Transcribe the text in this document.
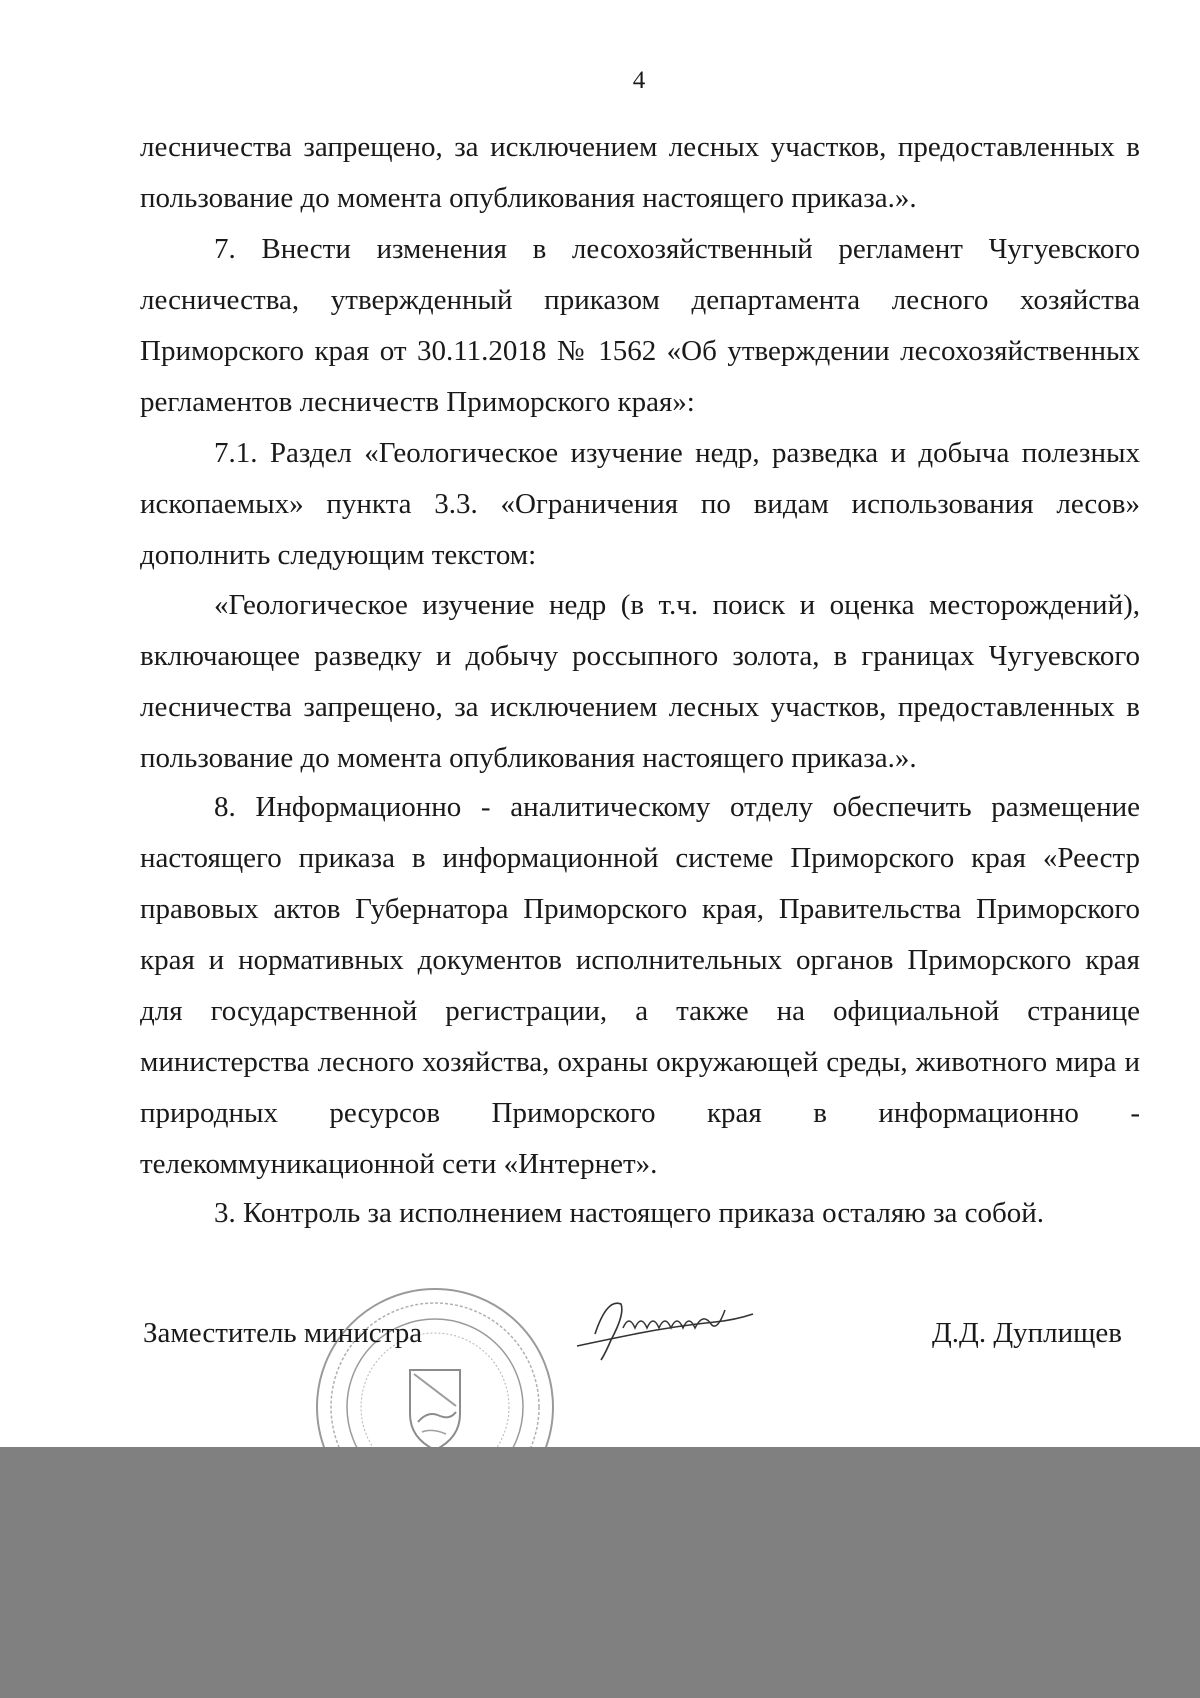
4

лесничества запрещено, за исключением лесных участков, предоставленных в пользование до момента опубликования настоящего приказа.».

7. Внести изменения в лесохозяйственный регламент Чугуевского лесничества, утвержденный приказом департамента лесного хозяйства Приморского края от 30.11.2018 № 1562 «Об утверждении лесохозяйственных регламентов лесничеств Приморского края»:

7.1. Раздел «Геологическое изучение недр, разведка и добыча полезных ископаемых» пункта 3.3. «Ограничения по видам использования лесов» дополнить следующим текстом:

«Геологическое изучение недр (в т.ч. поиск и оценка месторождений), включающее разведку и добычу россыпного золота, в границах Чугуевского лесничества запрещено, за исключением лесных участков, предоставленных в пользование до момента опубликования настоящего приказа.».

8. Информационно - аналитическому отделу обеспечить размещение настоящего приказа в информационной системе Приморского края «Реестр правовых актов Губернатора Приморского края, Правительства Приморского края и нормативных документов исполнительных органов Приморского края для государственной регистрации, а также на официальной странице министерства лесного хозяйства, охраны окружающей среды, животного мира и природных ресурсов Приморского края в информационно - телекоммуникационной сети «Интернет».

3. Контроль за исполнением настоящего приказа осталяю за собой.

Заместитель министра	Д.Д. Дуплищев
